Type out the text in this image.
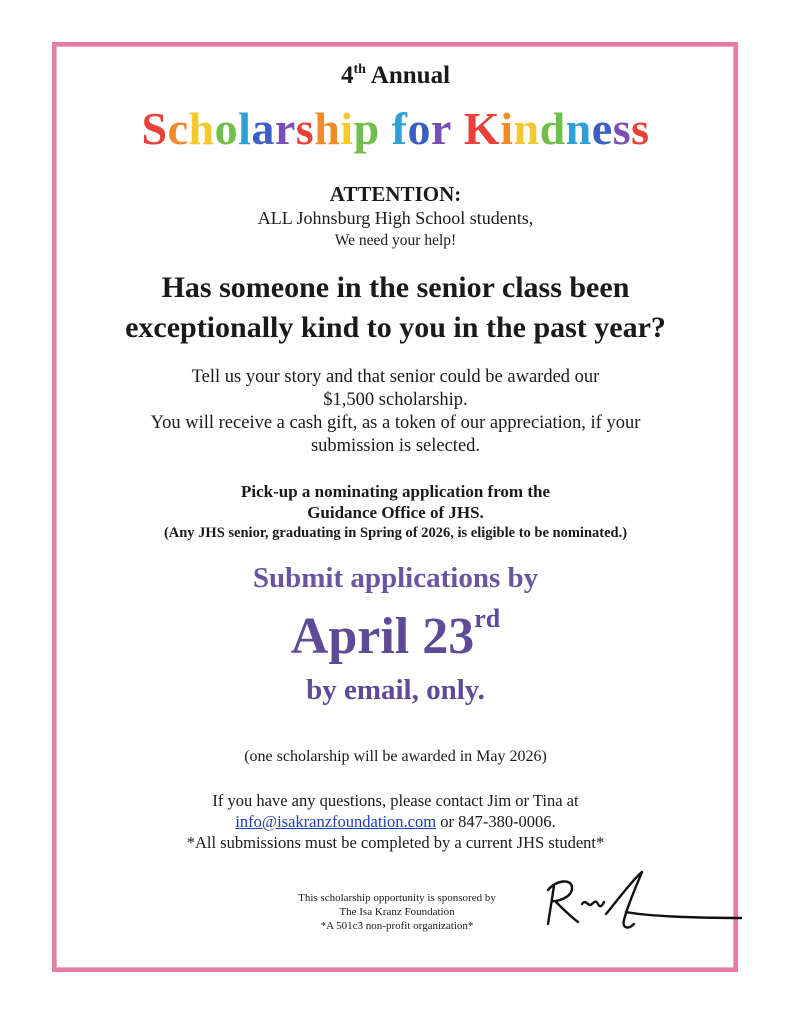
4th Annual
Scholarship for Kindness
ATTENTION:
ALL Johnsburg High School students,
We need your help!
Has someone in the senior class been
exceptionally kind to you in the past year?
Tell us your story and that senior could be awarded our
$1,500 scholarship.
You will receive a cash gift, as a token of our appreciation, if your
submission is selected.
Pick-up a nominating application from the
Guidance Office of JHS.
(Any JHS senior, graduating in Spring of 2026, is eligible to be nominated.)
Submit applications by
April 23rd
by email, only.
(one scholarship will be awarded in May 2026)
If you have any questions, please contact Jim or Tina at
info@isakranzfoundation.com or 847-380-0006.
*All submissions must be completed by a current JHS student*
This scholarship opportunity is sponsored by
The Isa Kranz Foundation
*A 501c3 non-profit organization*
